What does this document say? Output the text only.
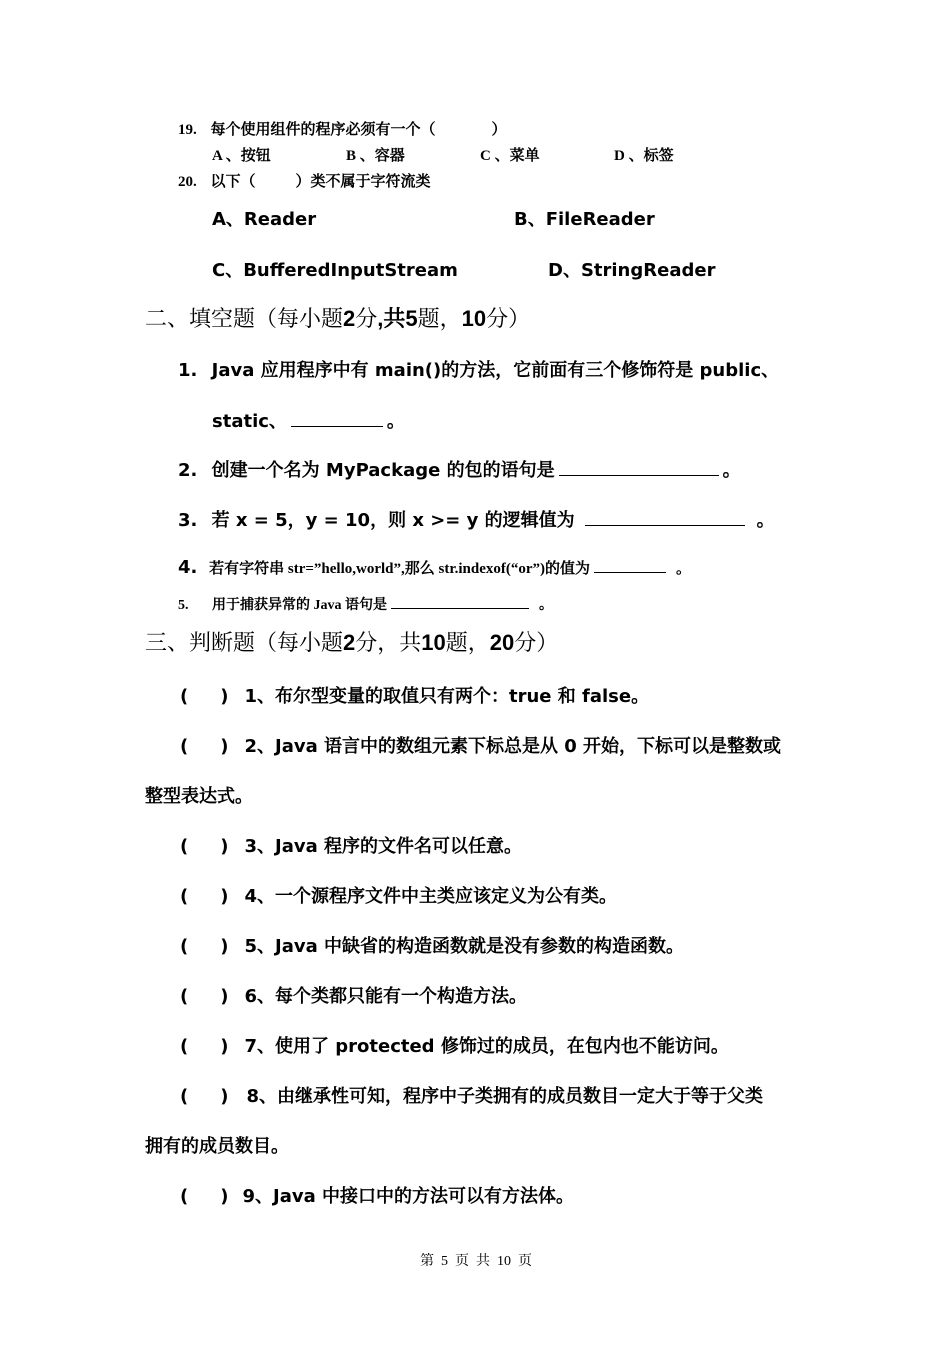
19. 每个使用组件的程序必须有一个（	）
A 、按钮	B 、容器	C 、菜单	D 、标签
20. 以下（	）类不属于字符流类
A、Reader	B、FileReader
C、BufferedInputStream	D、StringReader
二、填空题（每小题2分,共5题，10分）
1. Java 应用程序中有 main()的方法，它前面有三个修饰符是 public、
static、	。
2. 创建一个名为 MyPackage 的包的语句是	。
3. 若 x = 5，y = 10，则 x >= y 的逻辑值为	。
4. 若有字符串 str=”hello,world”,那么 str.indexof(“or”)的值为	。
5. 用于捕获异常的 Java 语句是	。
三、判断题（每小题2分，共10题，20分）
( ) 1、布尔型变量的取值只有两个：true 和 false。
( ) 2、Java 语言中的数组元素下标总是从 0 开始，下标可以是整数或
整型表达式。
( ) 3、Java 程序的文件名可以任意。
( ) 4、一个源程序文件中主类应该定义为公有类。
( ) 5、Java 中缺省的构造函数就是没有参数的构造函数。
( ) 6、每个类都只能有一个构造方法。
( ) 7、使用了 protected 修饰过的成员，在包内也不能访问。
( ) 8、由继承性可知，程序中子类拥有的成员数目一定大于等于父类
拥有的成员数目。
( ) 9、Java 中接口中的方法可以有方法体。
第  5  页  共  10  页
